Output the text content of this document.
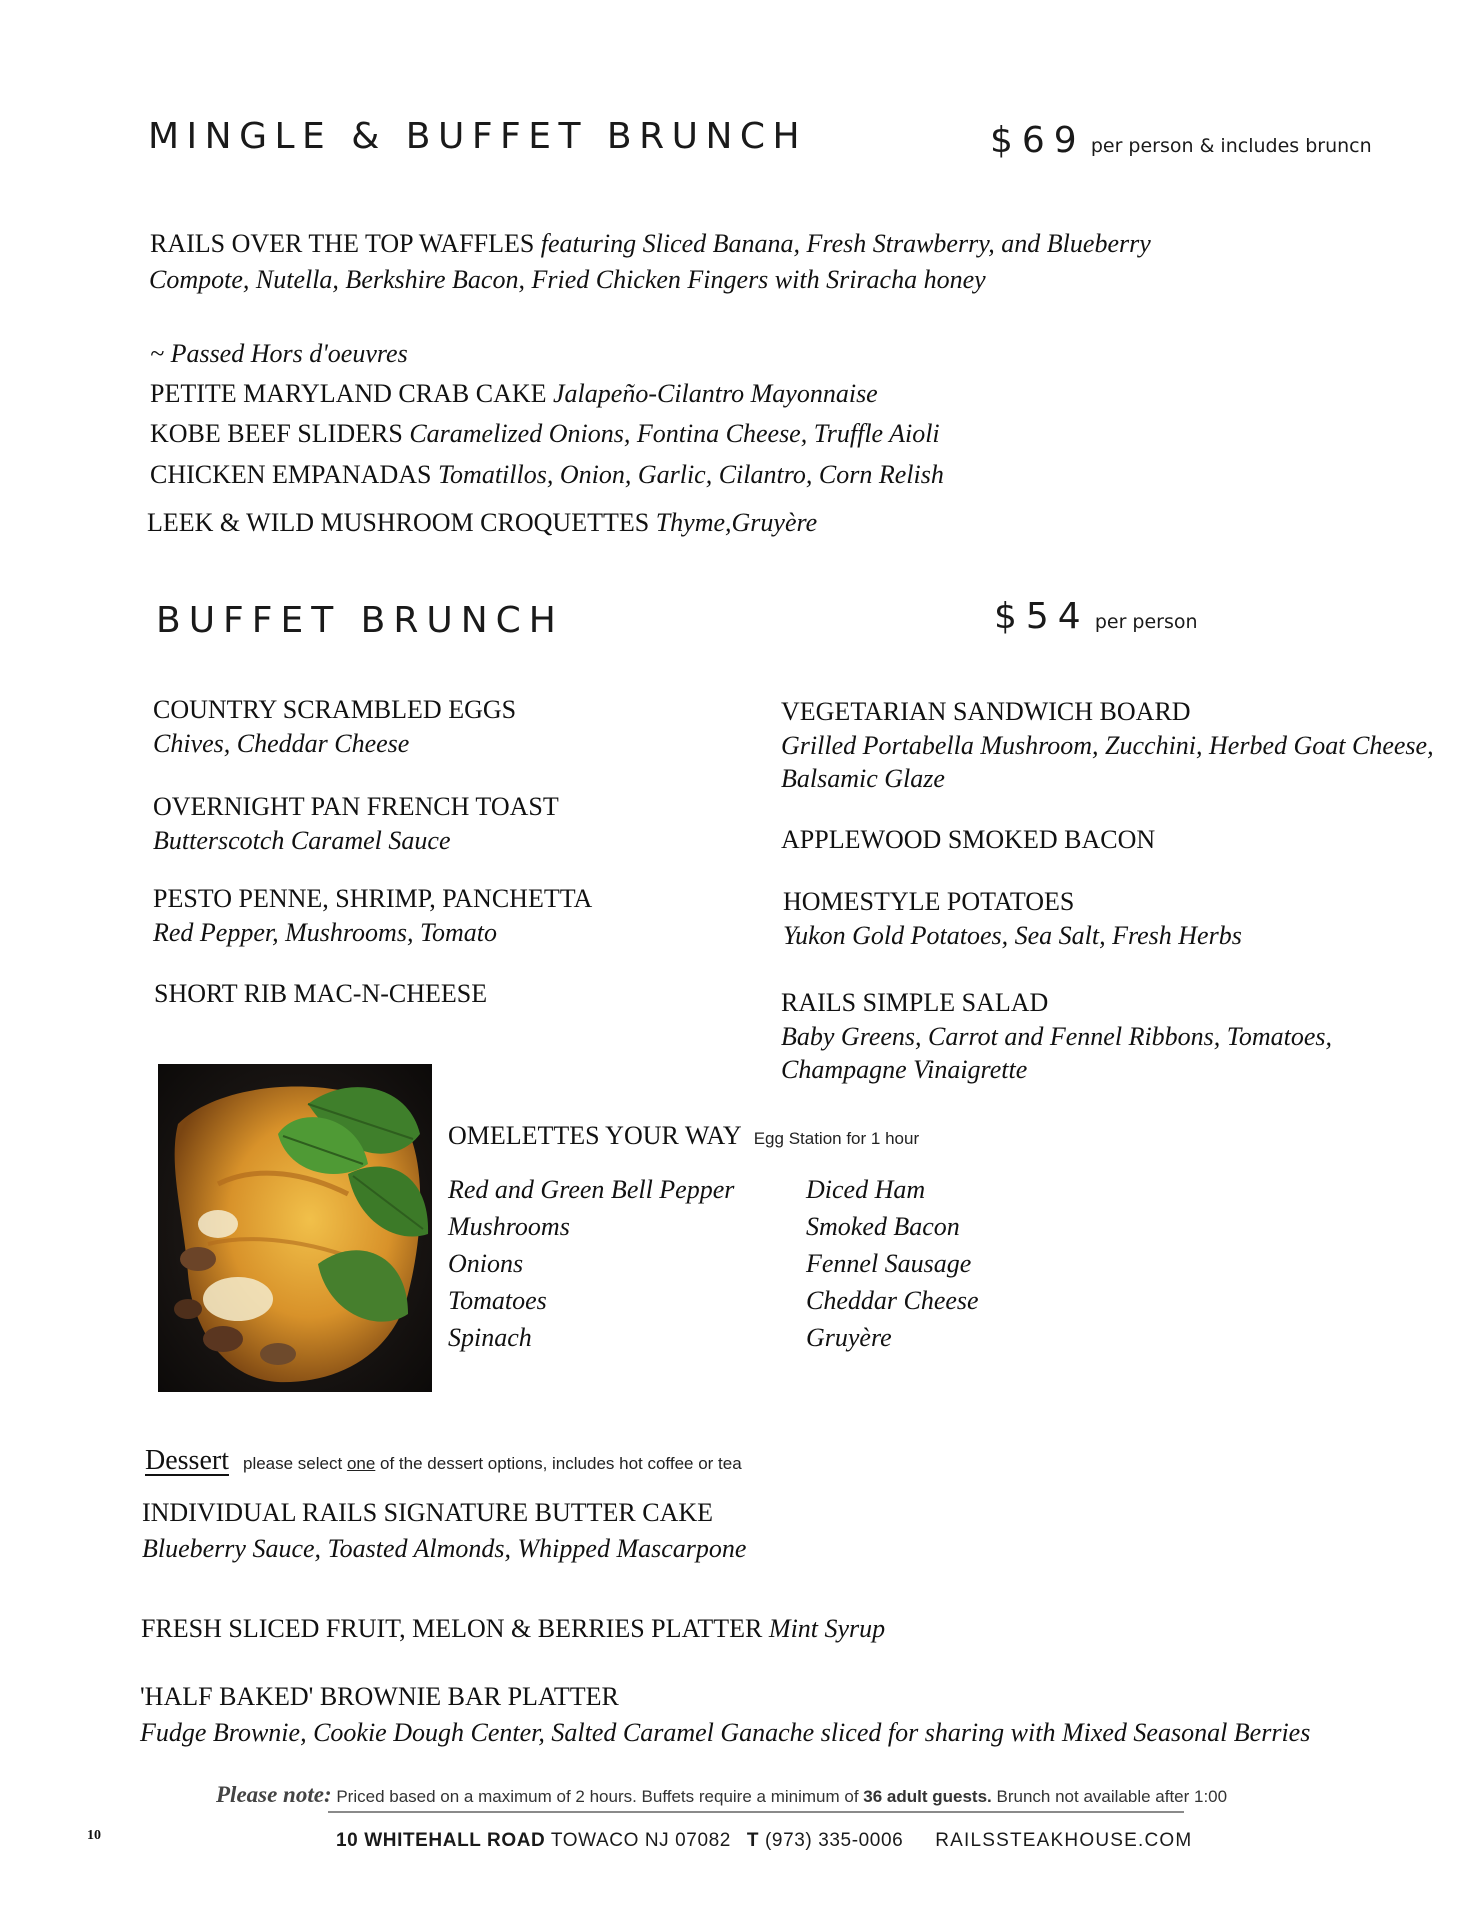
MINGLE & BUFFET BRUNCH	$69 per person & includes bruncn
RAILS OVER THE TOP WAFFLES featuring Sliced Banana, Fresh Strawberry, and Blueberry
Compote, Nutella, Berkshire Bacon, Fried Chicken Fingers with Sriracha honey
~ Passed Hors d'oeuvres
PETITE MARYLAND CRAB CAKE Jalapeño-Cilantro Mayonnaise
KOBE BEEF SLIDERS Caramelized Onions, Fontina Cheese, Truffle Aioli
CHICKEN EMPANADAS Tomatillos, Onion, Garlic, Cilantro, Corn Relish
LEEK & WILD MUSHROOM CROQUETTES Thyme,Gruyère
BUFFET BRUNCH	$54 per person

COUNTRY SCRAMBLED EGGS

Chives, Cheddar Cheese

OVERNIGHT PAN FRENCH TOAST

Butterscotch Caramel Sauce

PESTO PENNE, SHRIMP, PANCHETTA

Red Pepper, Mushrooms, Tomato

SHORT RIB MAC-N-CHEESE

VEGETARIAN SANDWICH BOARD

Grilled Portabella Mushroom, Zucchini, Herbed Goat Cheese,

Balsamic Glaze

APPLEWOOD SMOKED BACON

HOMESTYLE POTATOES

Yukon Gold Potatoes, Sea Salt, Fresh Herbs

RAILS SIMPLE SALAD

Baby Greens, Carrot and Fennel Ribbons, Tomatoes,

Champagne Vinaigrette

OMELETTES YOUR WAY Egg Station for 1 hour

Red and Green Bell Pepper

Mushrooms

Onions

Tomatoes

Spinach

Diced Ham

Smoked Bacon

Fennel Sausage

Cheddar Cheese

Gruyère

Dessert please select one of the dessert options, includes hot coffee or tea

INDIVIDUAL RAILS SIGNATURE BUTTER CAKE

Blueberry Sauce, Toasted Almonds, Whipped Mascarpone

FRESH SLICED FRUIT, MELON & BERRIES PLATTER Mint Syrup

'HALF BAKED' BROWNIE BAR PLATTER

Fudge Brownie, Cookie Dough Center, Salted Caramel Ganache sliced for sharing with Mixed Seasonal Berries

Please note: Priced based on a maximum of 2 hours. Buffets require a minimum of 36 adult guests. Brunch not available after 1:00
10	10 WHITEHALL ROAD TOWACO NJ 07082 T (973) 335-0006 RAILSSTEAKHOUSE.COM
